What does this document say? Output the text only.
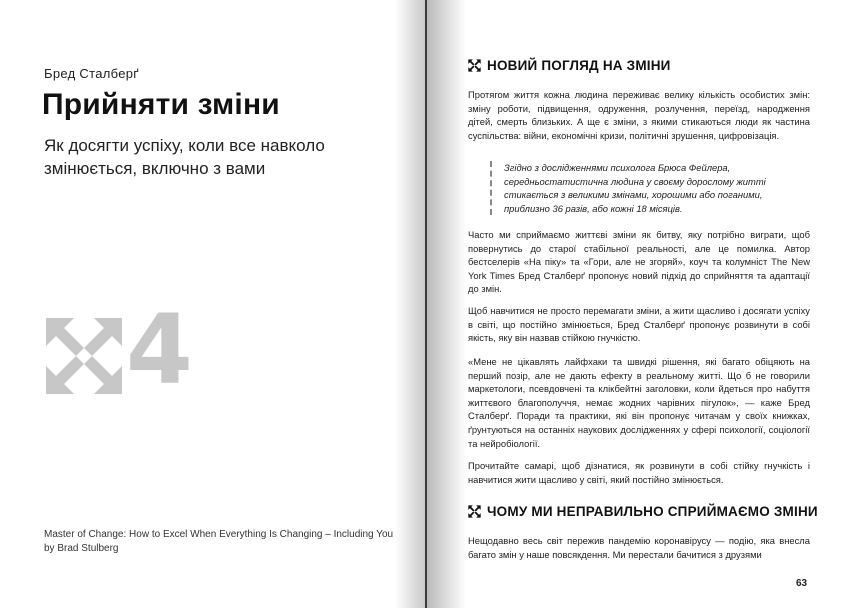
Бред Сталберґ
Прийняти зміни
Як досягти успіху, коли все навколо змінюється, включно з вами
4
Master of Change: How to Excel When Everything Is Changing – Including You
by Brad Stulberg
НОВИЙ ПОГЛЯД НА ЗМІНИ
Протягом життя кожна людина переживає велику кількість особистих змін: зміну роботи, підвищення, одруження, розлучення, переїзд, народження дітей, смерть близьких. А ще є зміни, з якими стикаються люди як частина суспільства: війни, економічні кризи, політичні зрушення, цифровізація.
Згідно з дослідженнями психолога Брюса Фейлера, середньостатистична людина у своєму дорослому житті стикається з великими змінами, хорошими або поганими, приблизно 36 разів, або кожні 18 місяців.
Часто ми сприймаємо життєві зміни як битву, яку потрібно виграти, щоб повернутись до старої стабільної реальності, але це помилка. Автор бестселерів «На піку» та «Гори, але не згоряй», коуч та колумніст The New York Times Бред Сталберґ пропонує новий підхід до сприйняття та адаптації до змін.
Щоб навчитися не просто перемагати зміни, а жити щасливо і досягати успіху в світі, що постійно змінюється, Бред Сталберґ пропонує розвинути в собі якість, яку він назвав стійкою гнучкістю.
«Мене не цікавлять лайфхаки та швидкі рішення, які багато обіцяють на перший позір, але не дають ефекту в реальному житті. Що б не говорили маркетологи, псевдовчені та клікбейтні заголовки, коли йдеться про набуття життєвого благополуччя, немає жодних чарівних пігулок», — каже Бред Сталберґ. Поради та практики, які він пропонує читачам у своїх книжках, ґрунтуються на останніх наукових дослідженнях у сфері психології, соціології та нейробіології.
Прочитайте самарі, щоб дізнатися, як розвинути в собі стійку гнучкість і навчитися жити щасливо у світі, який постійно змінюється.
ЧОМУ МИ НЕПРАВИЛЬНО СПРИЙМАЄМО ЗМІНИ
Нещодавно весь світ пережив пандемію коронавірусу — подію, яка внесла багато змін у наше повсякдення. Ми перестали бачитися з друзями
63
